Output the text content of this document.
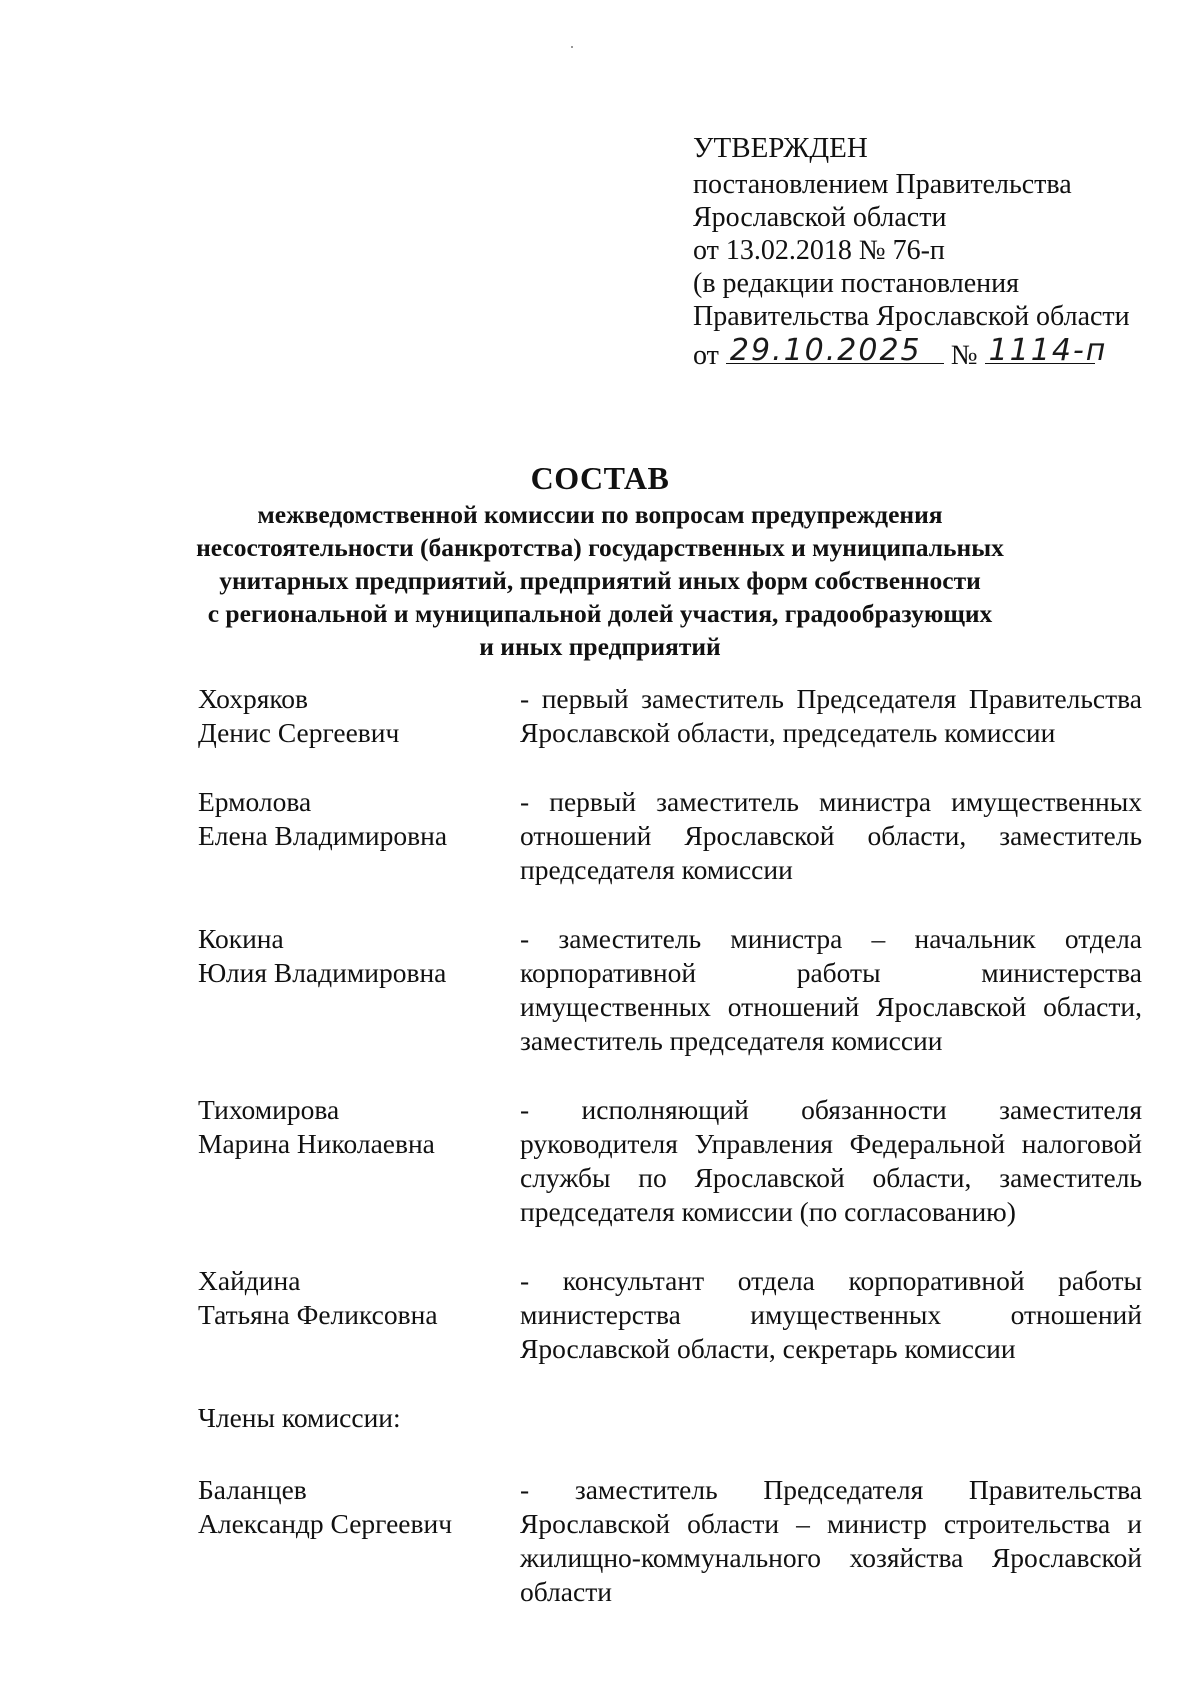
УТВЕРЖДЕН
постановлением Правительства
Ярославской области
от 13.02.2018 № 76-п
(в редакции постановления
Правительства Ярославской области
от 29.10.2025 № 1114-п
СОСТАВ
межведомственной комиссии по вопросам предупреждения
несостоятельности (банкротства) государственных и муниципальных
унитарных предприятий, предприятий иных форм собственности
с региональной и муниципальной долей участия, градообразующих
и иных предприятий
Хохряков
Денис Сергеевич
- первый заместитель Председателя Правительства Ярославской области, председатель комиссии
Ермолова
Елена Владимировна
- первый заместитель министра имущественных отношений Ярославской области, заместитель председателя комиссии
Кокина
Юлия Владимировна
- заместитель министра – начальник отдела корпоративной работы министерства имущественных отношений Ярославской области, заместитель председателя комиссии
Тихомирова
Марина Николаевна
- исполняющий обязанности заместителя руководителя Управления Федеральной налоговой службы по Ярославской области, заместитель председателя комиссии (по согласованию)
Хайдина
Татьяна Феликсовна
- консультант отдела корпоративной работы министерства имущественных отношений Ярославской области, секретарь комиссии
Члены комиссии:
Баланцев
Александр Сергеевич
- заместитель Председателя Правительства Ярославской области – министр строительства и жилищно-коммунального хозяйства Ярославской области
